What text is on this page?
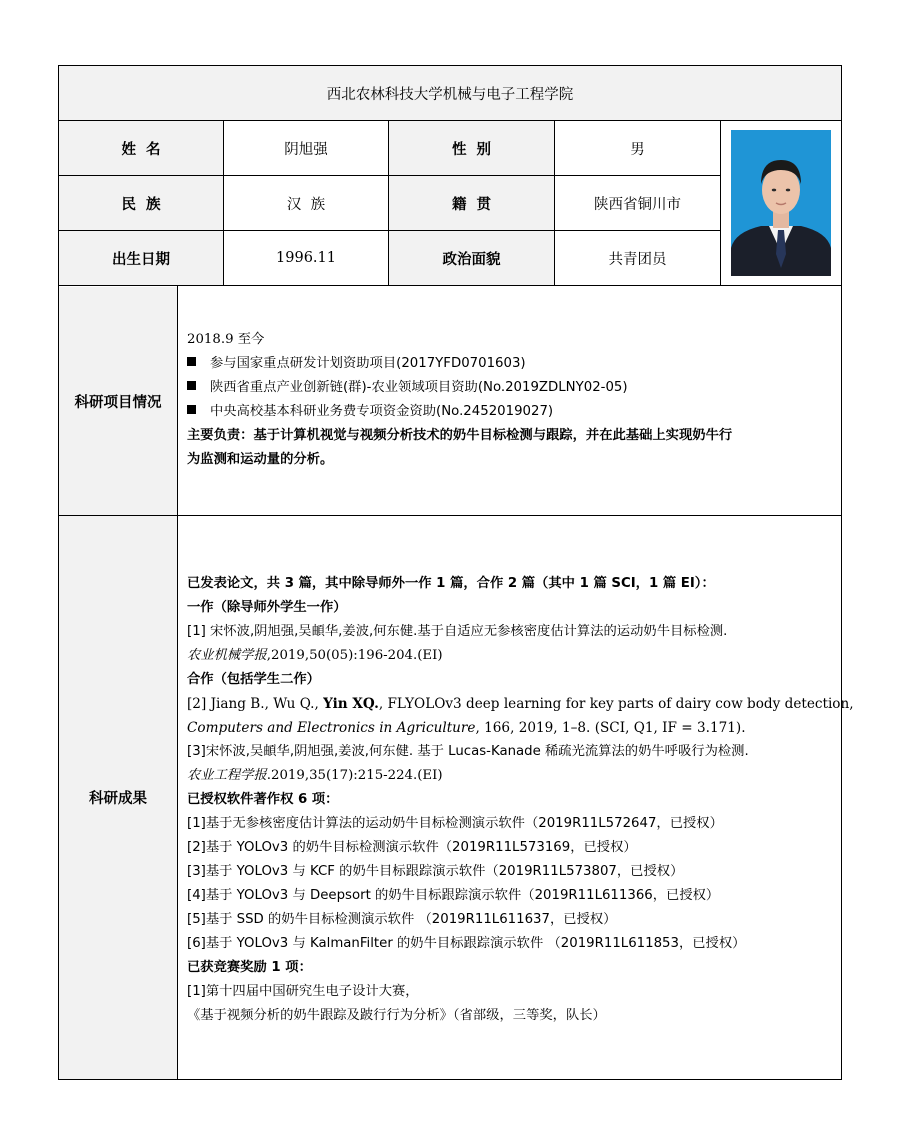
西北农林科技大学机械与电子工程学院
姓  名	阴旭强	性  别	男
民  族	汉  族	籍  贯	陕西省铜川市
出生日期	1996.11	政治面貌	共青团员
科研项目情况
2018.9 至今
参与国家重点研发计划资助项目(2017YFD0701603)
陕西省重点产业创新链(群)-农业领域项目资助(No.2019ZDLNY02-05)
中央高校基本科研业务费专项资金资助(No.2452019027)
主要负责：基于计算机视觉与视频分析技术的奶牛目标检测与跟踪，并在此基础上实现奶牛行
为监测和运动量的分析。
科研成果
已发表论文，共 3 篇，其中除导师外一作 1 篇，合作 2 篇（其中 1 篇 SCI，1 篇 EI）：
一作（除导师外学生一作）
[1] 宋怀波,阴旭强,吴頔华,姜波,何东健.基于自适应无参核密度估计算法的运动奶牛目标检测.
农业机械学报,2019,50(05):196-204.(EI)
合作（包括学生二作）
[2] Jiang B., Wu Q., Yin XQ., FLYOLOv3 deep learning for key parts of dairy cow body detection,
Computers and Electronics in Agriculture, 166, 2019, 1–8. (SCI, Q1, IF = 3.171).
[3]宋怀波,吴頔华,阴旭强,姜波,何东健. 基于 Lucas-Kanade 稀疏光流算法的奶牛呼吸行为检测.
农业工程学报.2019,35(17):215-224.(EI)
已授权软件著作权 6 项：
[1]基于无参核密度估计算法的运动奶牛目标检测演示软件（2019R11L572647，已授权）
[2]基于 YOLOv3 的奶牛目标检测演示软件（2019R11L573169，已授权）
[3]基于 YOLOv3 与 KCF 的奶牛目标跟踪演示软件（2019R11L573807，已授权）
[4]基于 YOLOv3 与 Deepsort 的奶牛目标跟踪演示软件（2019R11L611366，已授权）
[5]基于 SSD 的奶牛目标检测演示软件 （2019R11L611637，已授权）
[6]基于 YOLOv3 与 KalmanFilter 的奶牛目标跟踪演示软件 （2019R11L611853，已授权）
已获竞赛奖励 1 项：
[1]第十四届中国研究生电子设计大赛，
《基于视频分析的奶牛跟踪及跛行行为分析》（省部级，三等奖，队长）
